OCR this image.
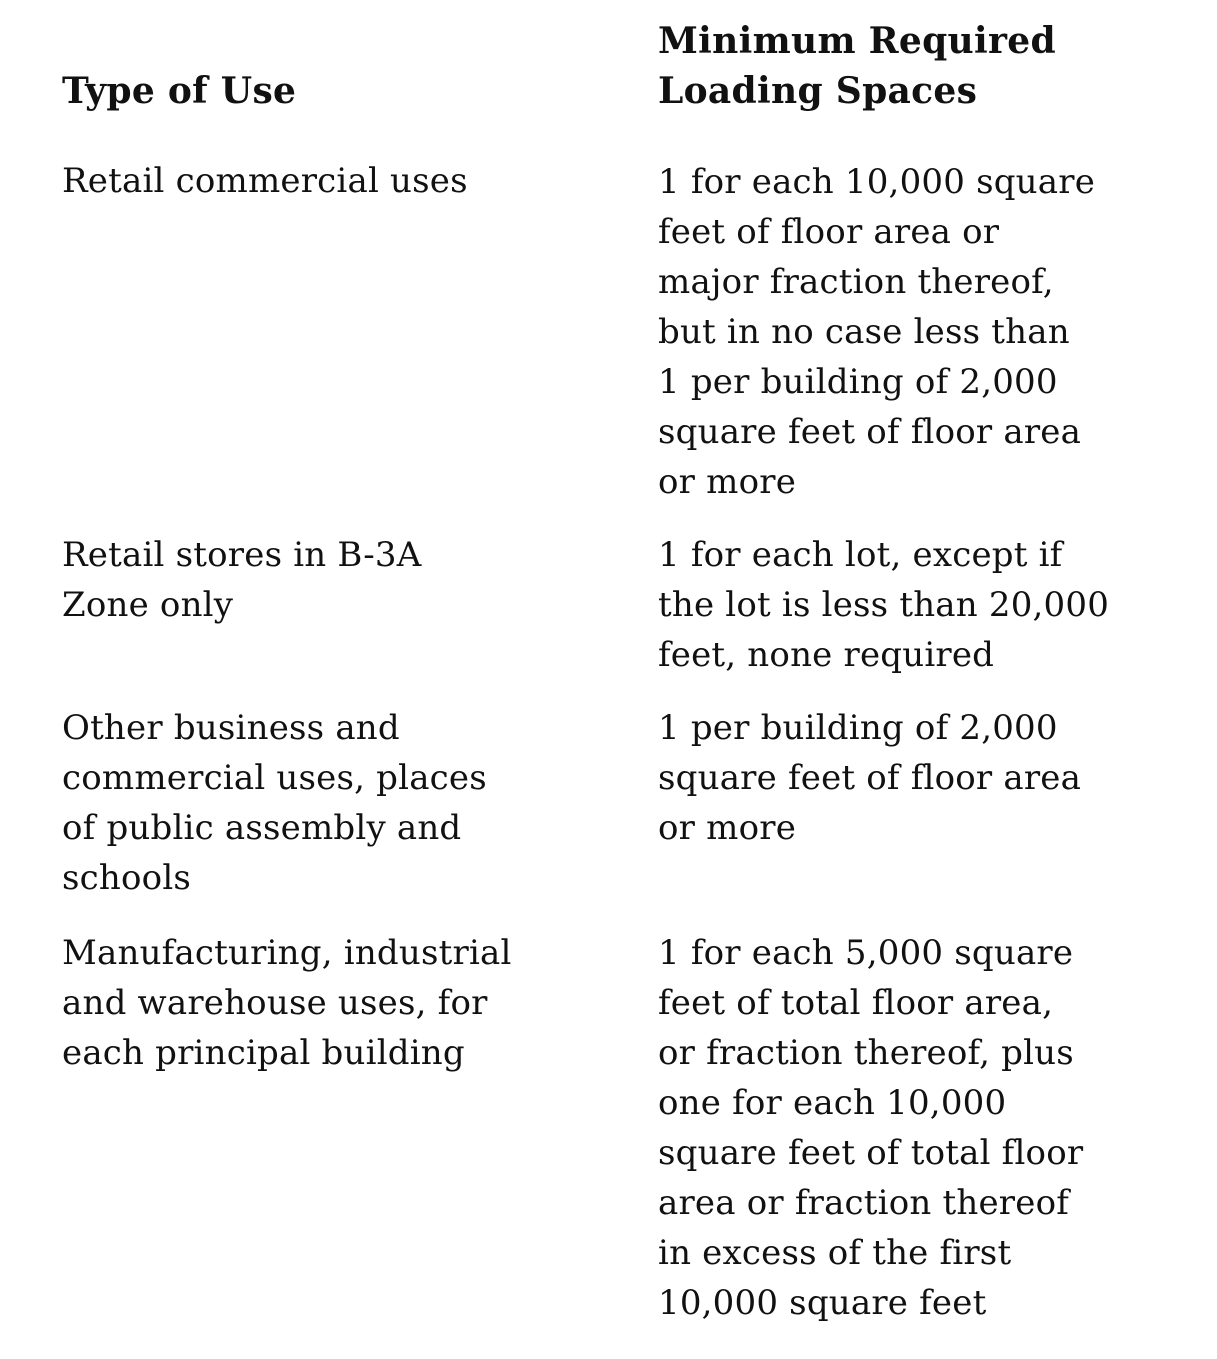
Type of Use
Minimum Required
Loading Spaces
Retail commercial uses	1 for each 10,000 square
feet of floor area or
major fraction thereof,
but in no case less than
1 per building of 2,000
square feet of floor area
or more
Retail stores in B-3A
Zone only
1 for each lot, except if
the lot is less than 20,000
feet, none required
Other business and
commercial uses, places
of public assembly and
schools
1 per building of 2,000
square feet of floor area
or more
Manufacturing, industrial
and warehouse uses, for
each principal building
1 for each 5,000 square
feet of total floor area,
or fraction thereof, plus
one for each 10,000
square feet of total floor
area or fraction thereof
in excess of the first
10,000 square feet
